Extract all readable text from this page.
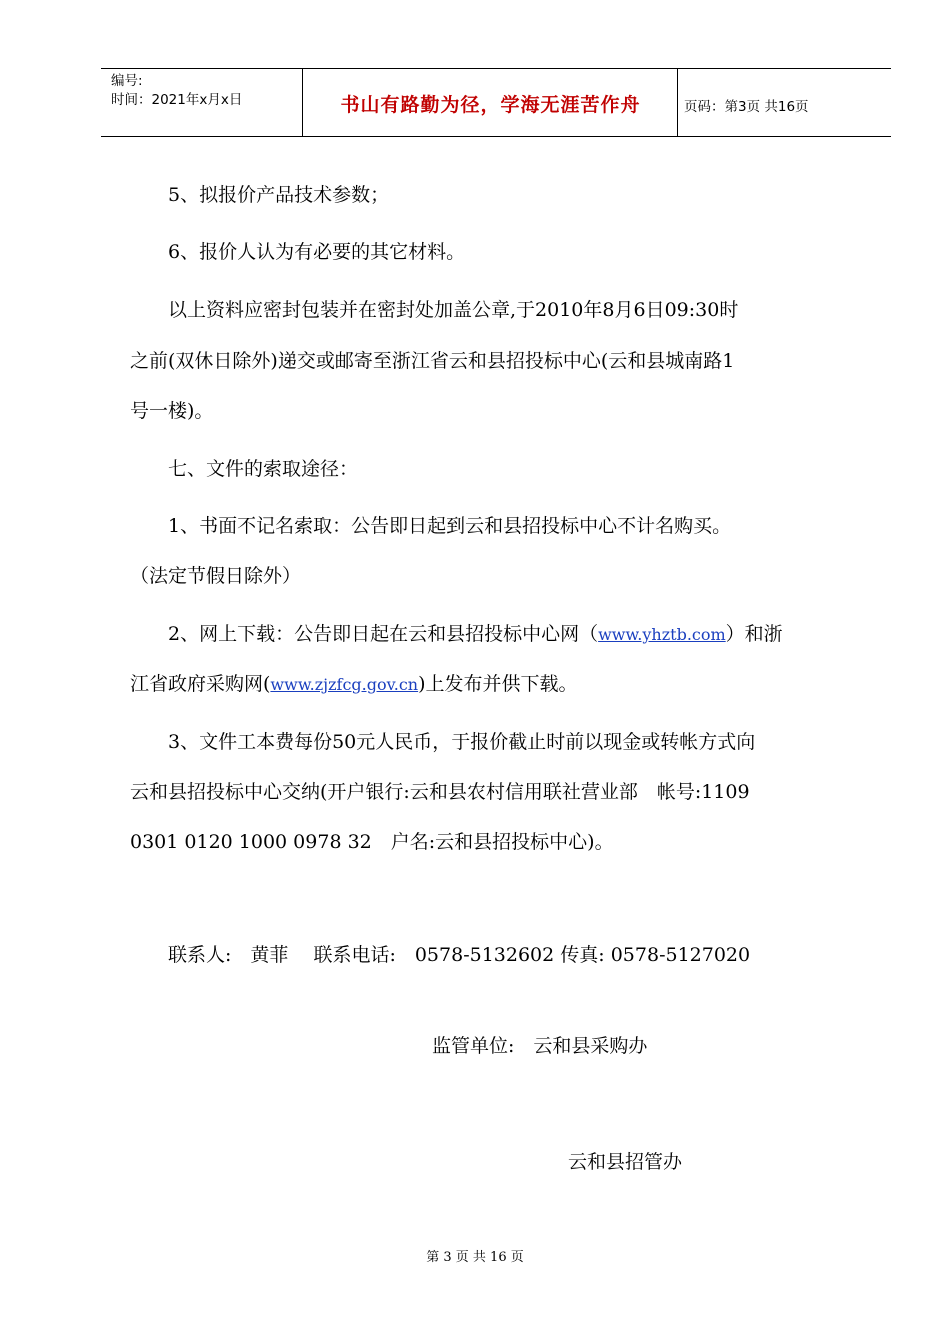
编号:
时间：2021年x月x日	书山有路勤为径，学海无涯苦作舟	页码：第3页 共16页
5、拟报价产品技术参数；
6、报价人认为有必要的其它材料。
以上资料应密封包装并在密封处加盖公章,于2010年8月6日09:30时
之前(双休日除外)递交或邮寄至浙江省云和县招投标中心(云和县城南路1
号一楼)。
七、文件的索取途径：
1、书面不记名索取：公告即日起到云和县招投标中心不计名购买。
（法定节假日除外）
2、网上下载：公告即日起在云和县招投标中心网（www.yhztb.com）和浙
江省政府采购网(www.zjzfcg.gov.cn)上发布并供下载。
3、文件工本费每份50元人民币，于报价截止时前以现金或转帐方式向
云和县招投标中心交纳(开户银行:云和县农村信用联社营业部　帐号:1109
0301 0120 1000 0978 32　户名:云和县招投标中心)。
联系人:　黄菲　 联系电话:　0578-5132602 传真: 0578-5127020
监管单位:　云和县采购办
云和县招管办
第 3 页 共 16 页
